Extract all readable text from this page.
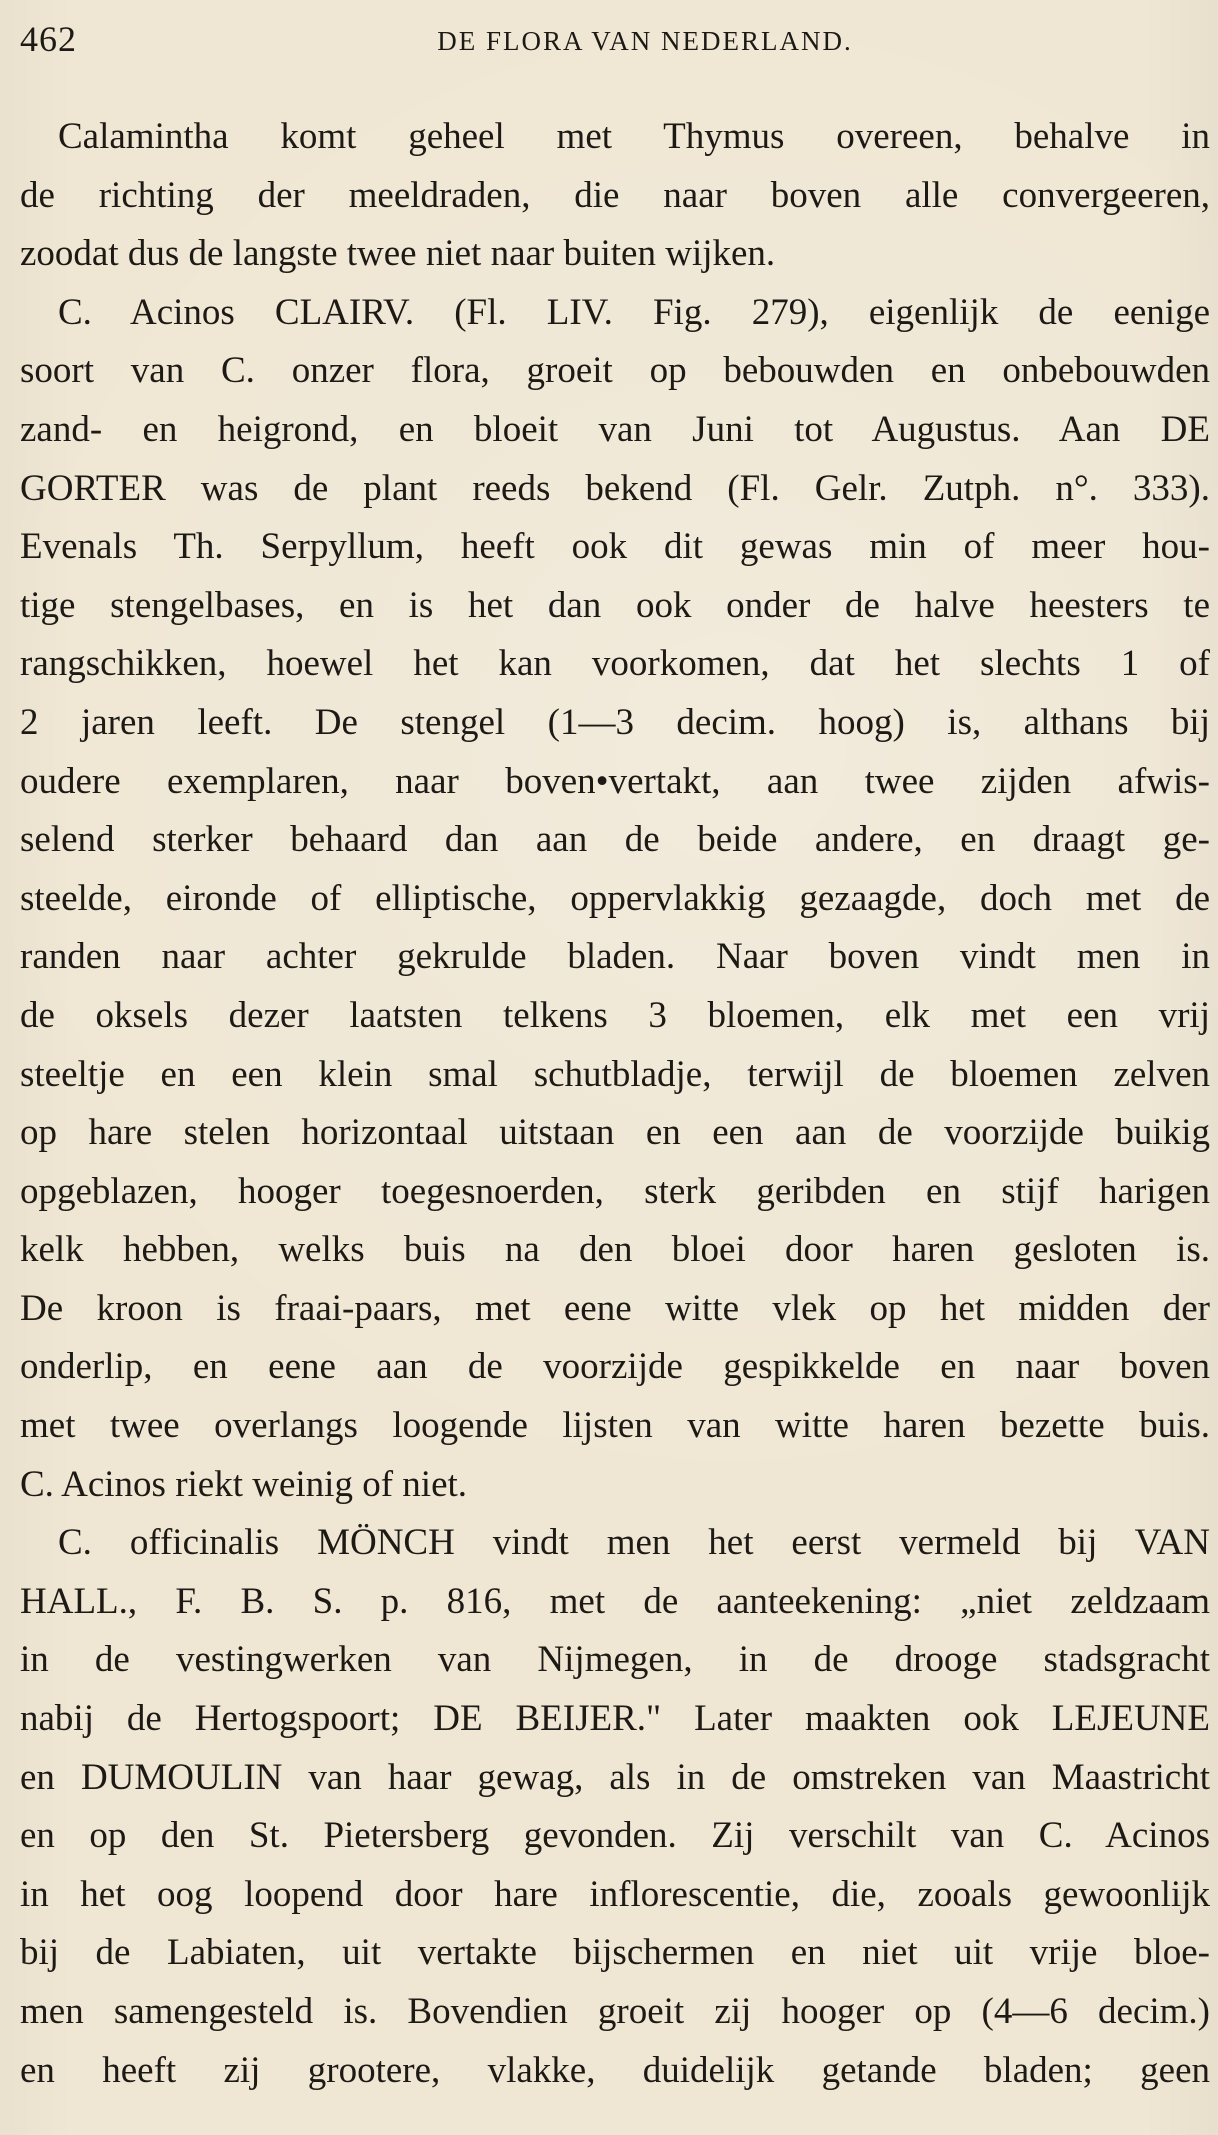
462	DE FLORA VAN NEDERLAND.
Calamintha komt geheel met Thymus overeen, behalve in
de richting der meeldraden, die naar boven alle convergeeren,
zoodat dus de langste twee niet naar buiten wijken.
C. Acinos CLAIRV. (Fl. LIV. Fig. 279), eigenlijk de eenige
soort van C. onzer flora, groeit op bebouwden en onbebouwden
zand- en heigrond, en bloeit van Juni tot Augustus. Aan DE
GORTER was de plant reeds bekend (Fl. Gelr. Zutph. n°. 333).
Evenals Th. Serpyllum, heeft ook dit gewas min of meer hou-
tige stengelbases, en is het dan ook onder de halve heesters te
rangschikken, hoewel het kan voorkomen, dat het slechts 1 of
2 jaren leeft. De stengel (1—3 decim. hoog) is, althans bij
oudere exemplaren, naar boven•vertakt, aan twee zijden afwis-
selend sterker behaard dan aan de beide andere, en draagt ge-
steelde, eironde of elliptische, oppervlakkig gezaagde, doch met de
randen naar achter gekrulde bladen. Naar boven vindt men in
de oksels dezer laatsten telkens 3 bloemen, elk met een vrij
steeltje en een klein smal schutbladje, terwijl de bloemen zelven
op hare stelen horizontaal uitstaan en een aan de voorzijde buikig
opgeblazen, hooger toegesnoerden, sterk geribden en stijf harigen
kelk hebben, welks buis na den bloei door haren gesloten is.
De kroon is fraai-paars, met eene witte vlek op het midden der
onderlip, en eene aan de voorzijde gespikkelde en naar boven
met twee overlangs loogende lijsten van witte haren bezette buis.
C. Acinos riekt weinig of niet.
C. officinalis MÖNCH vindt men het eerst vermeld bij VAN
HALL., F. B. S. p. 816, met de aanteekening: „niet zeldzaam
in de vestingwerken van Nijmegen, in de drooge stadsgracht
nabij de Hertogspoort; DE BEIJER." Later maakten ook LEJEUNE
en DUMOULIN van haar gewag, als in de omstreken van Maastricht
en op den St. Pietersberg gevonden. Zij verschilt van C. Acinos
in het oog loopend door hare inflorescentie, die, zooals gewoonlijk
bij de Labiaten, uit vertakte bijschermen en niet uit vrije bloe-
men samengesteld is. Bovendien groeit zij hooger op (4—6 decim.)
en heeft zij grootere, vlakke, duidelijk getande bladen; geen
